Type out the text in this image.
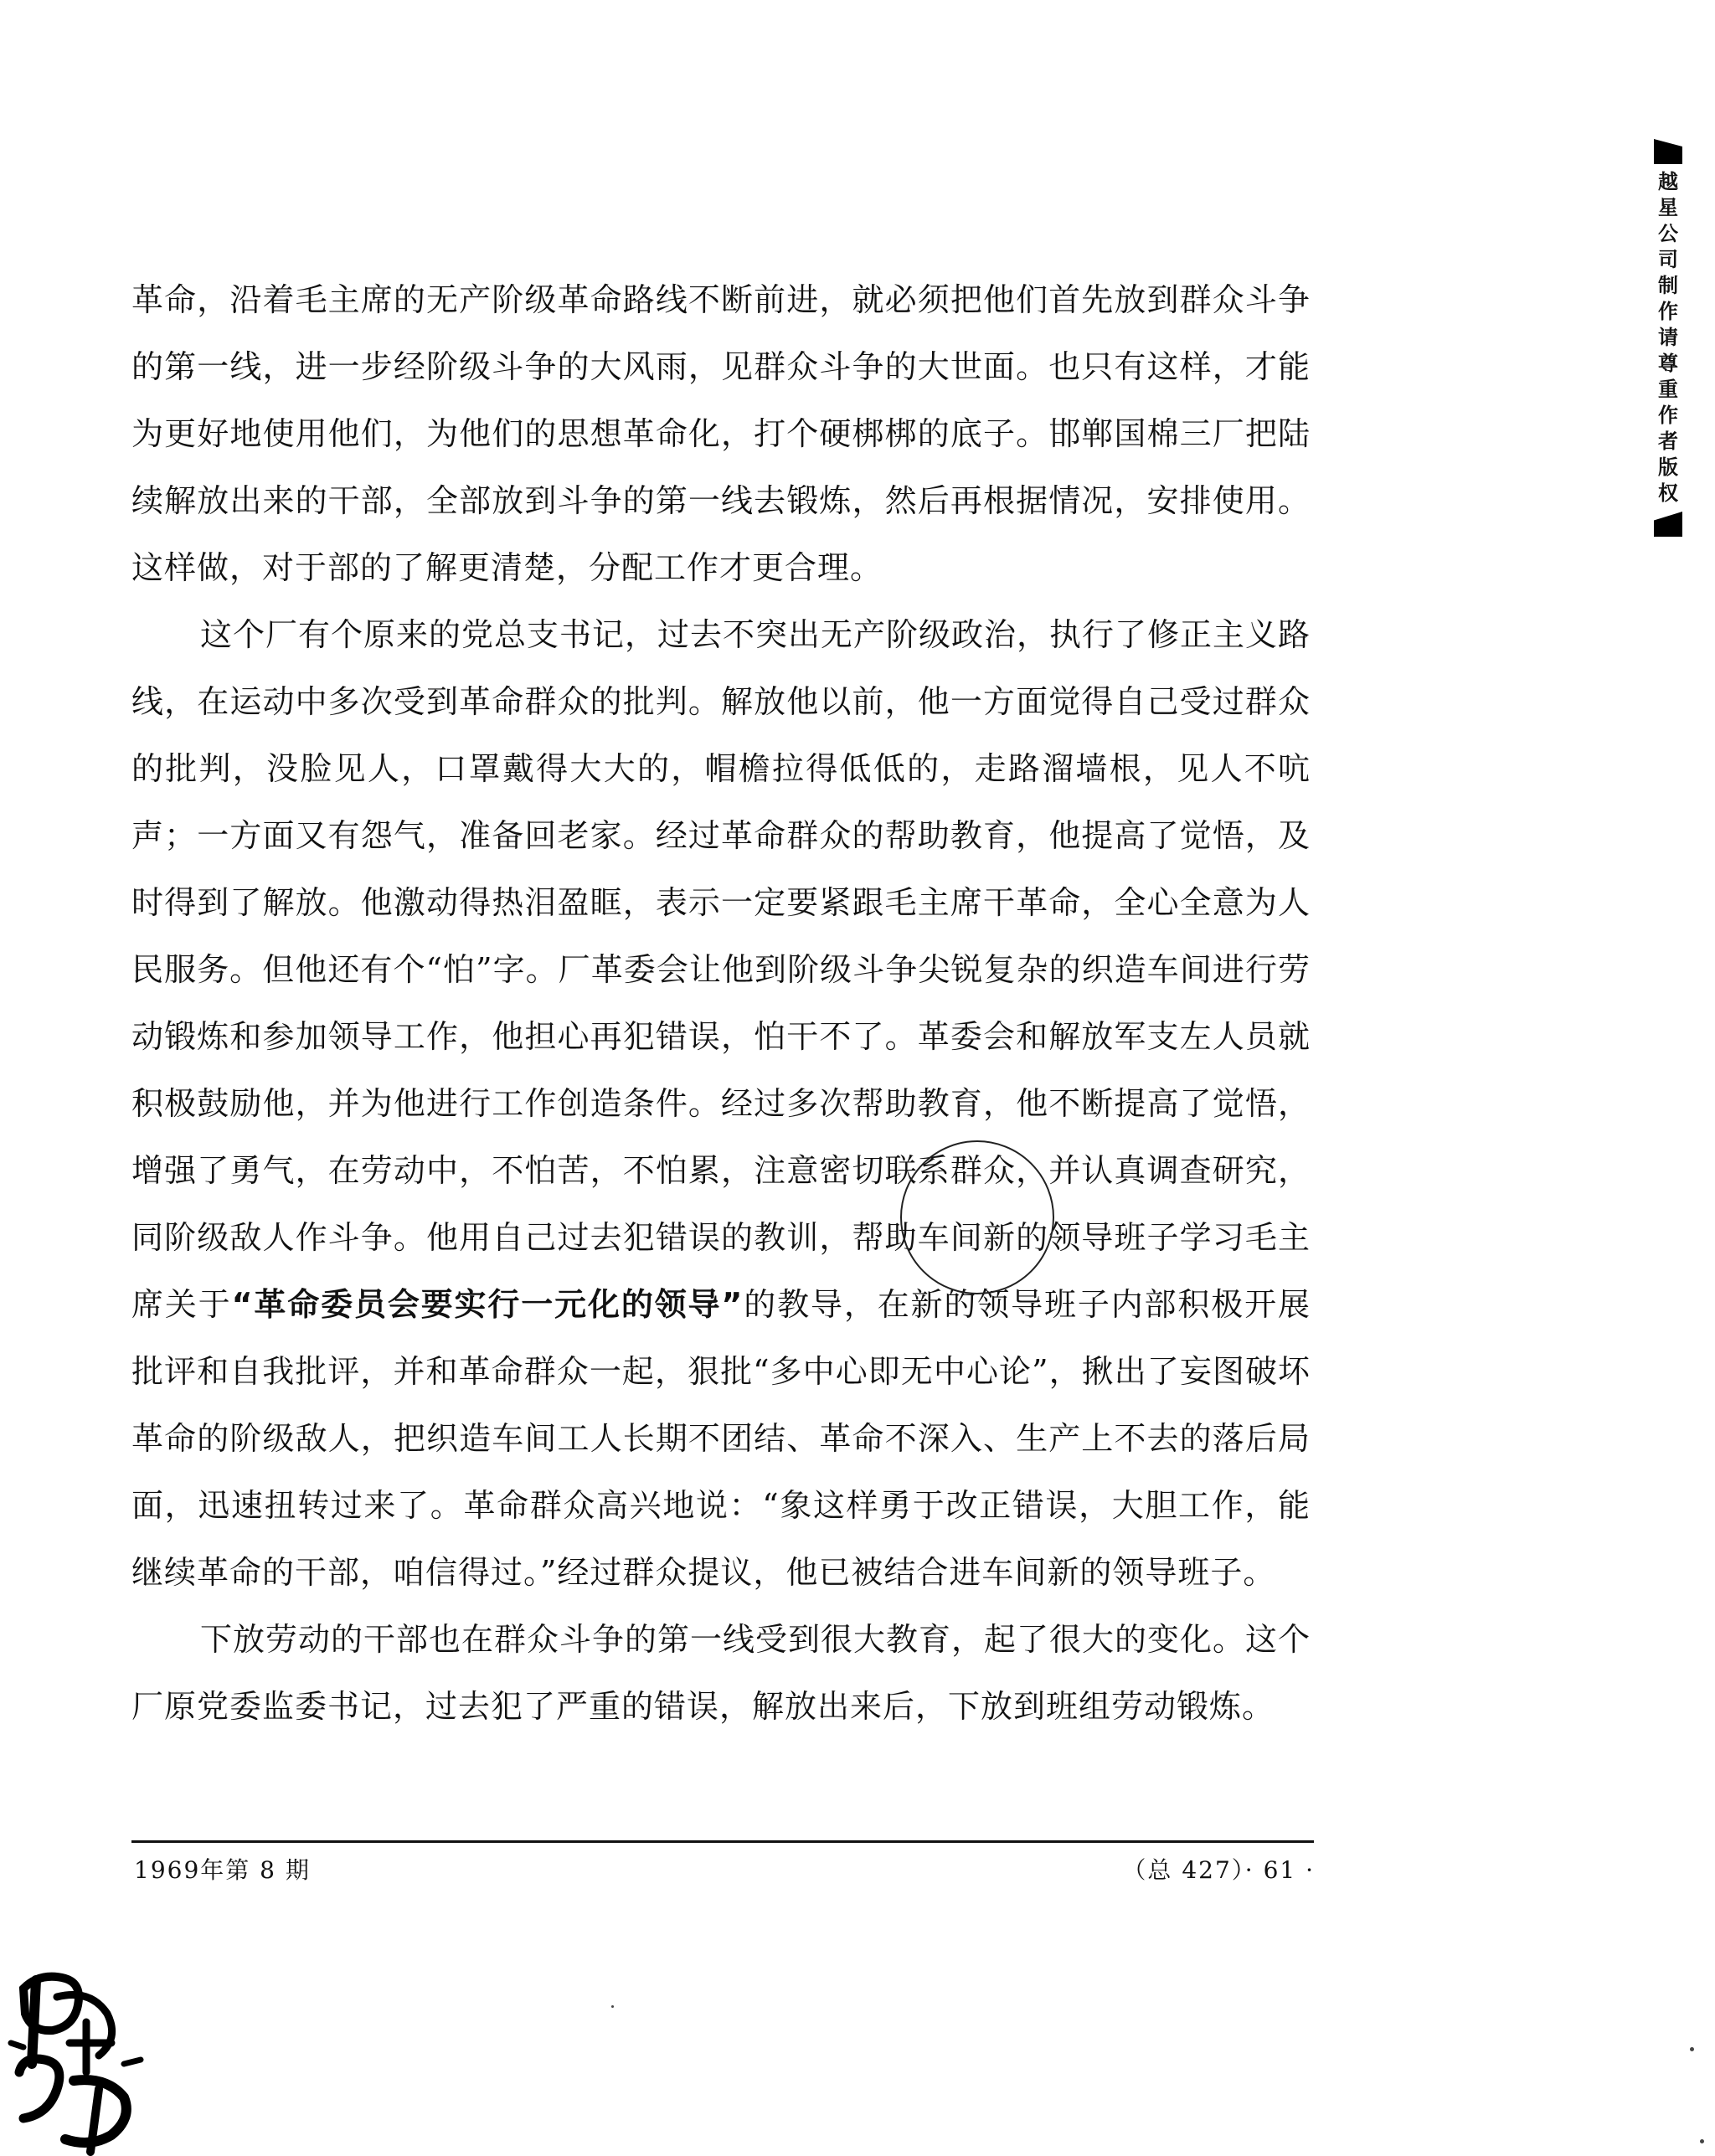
革命，沿着毛主席的无产阶级革命路线不断前进，就必须把他们首先放到群众斗争的第一线，进一步经阶级斗争的大风雨，见群众斗争的大世面。也只有这样，才能为更好地使用他们，为他们的思想革命化，打个硬梆梆的底子。邯郸国棉三厂把陆续解放出来的干部，全部放到斗争的第一线去锻炼，然后再根据情况，安排使用。这样做，对于部的了解更清楚，分配工作才更合理。

这个厂有个原来的党总支书记，过去不突出无产阶级政治，执行了修正主义路线，在运动中多次受到革命群众的批判。解放他以前，他一方面觉得自己受过群众的批判，没脸见人，口罩戴得大大的，帽檐拉得低低的，走路溜墙根，见人不吭声；一方面又有怨气，准备回老家。经过革命群众的帮助教育，他提高了觉悟，及时得到了解放。他激动得热泪盈眶，表示一定要紧跟毛主席干革命，全心全意为人民服务。但他还有个“怕”字。厂革委会让他到阶级斗争尖锐复杂的织造车间进行劳动锻炼和参加领导工作，他担心再犯错误，怕干不了。革委会和解放军支左人员就积极鼓励他，并为他进行工作创造条件。经过多次帮助教育，他不断提高了觉悟，增强了勇气，在劳动中，不怕苦，不怕累，注意密切联系群众，并认真调查研究，同阶级敌人作斗争。他用自己过去犯错误的教训，帮助车间新的领导班子学习毛主席关于“革命委员会要实行一元化的领导”的教导，在新的领导班子内部积极开展批评和自我批评，并和革命群众一起，狠批“多中心即无中心论”，揪出了妄图破坏革命的阶级敌人，把织造车间工人长期不团结、革命不深入、生产上不去的落后局面，迅速扭转过来了。革命群众高兴地说：“象这样勇于改正错误，大胆工作，能继续革命的干部，咱信得过。”经过群众提议，他已被结合进车间新的领导班子。

下放劳动的干部也在群众斗争的第一线受到很大教育，起了很大的变化。这个厂原党委监委书记，过去犯了严重的错误，解放出来后，下放到班组劳动锻炼。

1969年第 8 期	（总 427）· 61 ·
越
星
公
司
制
作
请
尊
重
作
者
版
权
